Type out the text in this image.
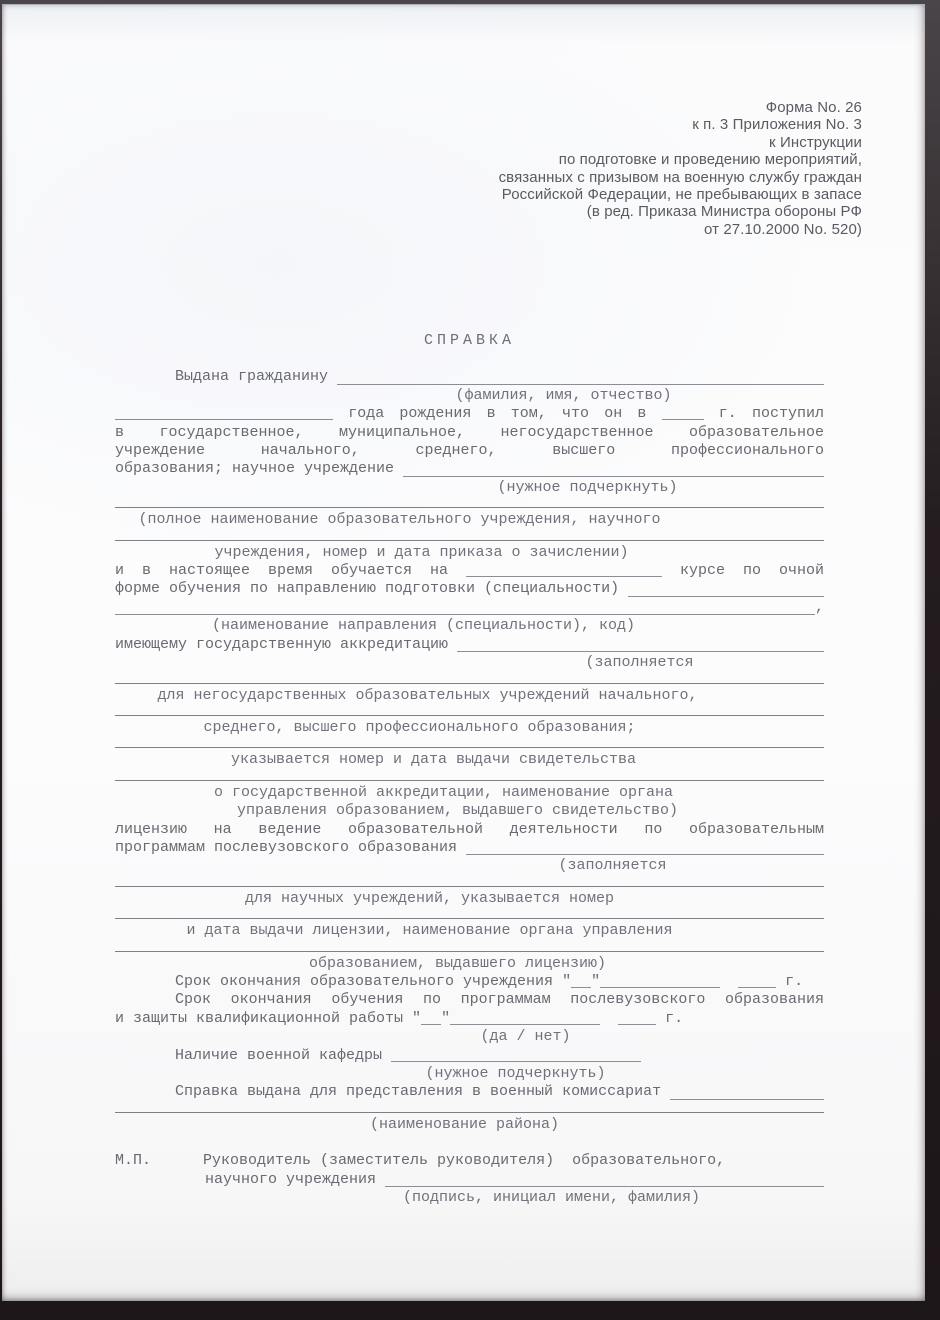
Форма No. 26
к п. 3 Приложения No. 3
к Инструкции
по подготовке и проведению мероприятий,
связанных с призывом на военную службу граждан
Российской Федерации, не пребывающих в запасе
(в ред. Приказа Министра обороны РФ
от 27.10.2000 No. 520)
СПРАВКА
Выдана гражданину
(фамилия, имя, отчество)
года рождения в том, что он в	г. поступил
в государственное, муниципальное, негосударственное образовательное
учреждение начального, среднего, высшего профессионального
образования; научное учреждение
(нужное подчеркнуть)
(полное наименование образовательного учреждения, научного
учреждения, номер и дата приказа о зачислении)
и в настоящее время обучается на	курсе по очной
форме обучения по направлению подготовки (специальности)
,
(наименование направления (специальности), код)
имеющему государственную аккредитацию
(заполняется
для негосударственных образовательных учреждений начального,
среднего, высшего профессионального образования;
указывается номер и дата выдачи свидетельства
о государственной аккредитации, наименование органа
управления образованием, выдавшего свидетельство)
лицензию на ведение образовательной деятельности по образовательным
программам послевузовского образования
(заполняется
для научных учреждений, указывается номер
и дата выдачи лицензии, наименование органа управления
образованием, выдавшего лицензию)
Срок окончания образовательного учреждения " "	г.
Срок окончания обучения по программам послевузовского образования
и защиты квалификационной работы " "	г.
(да / нет)
Наличие военной кафедры
(нужное подчеркнуть)
Справка выдана для представления в военный комиссариат
(наименование района)
М.П.	Руководитель (заместитель руководителя)  образовательного,
научного учреждения
(подпись, инициал имени, фамилия)
